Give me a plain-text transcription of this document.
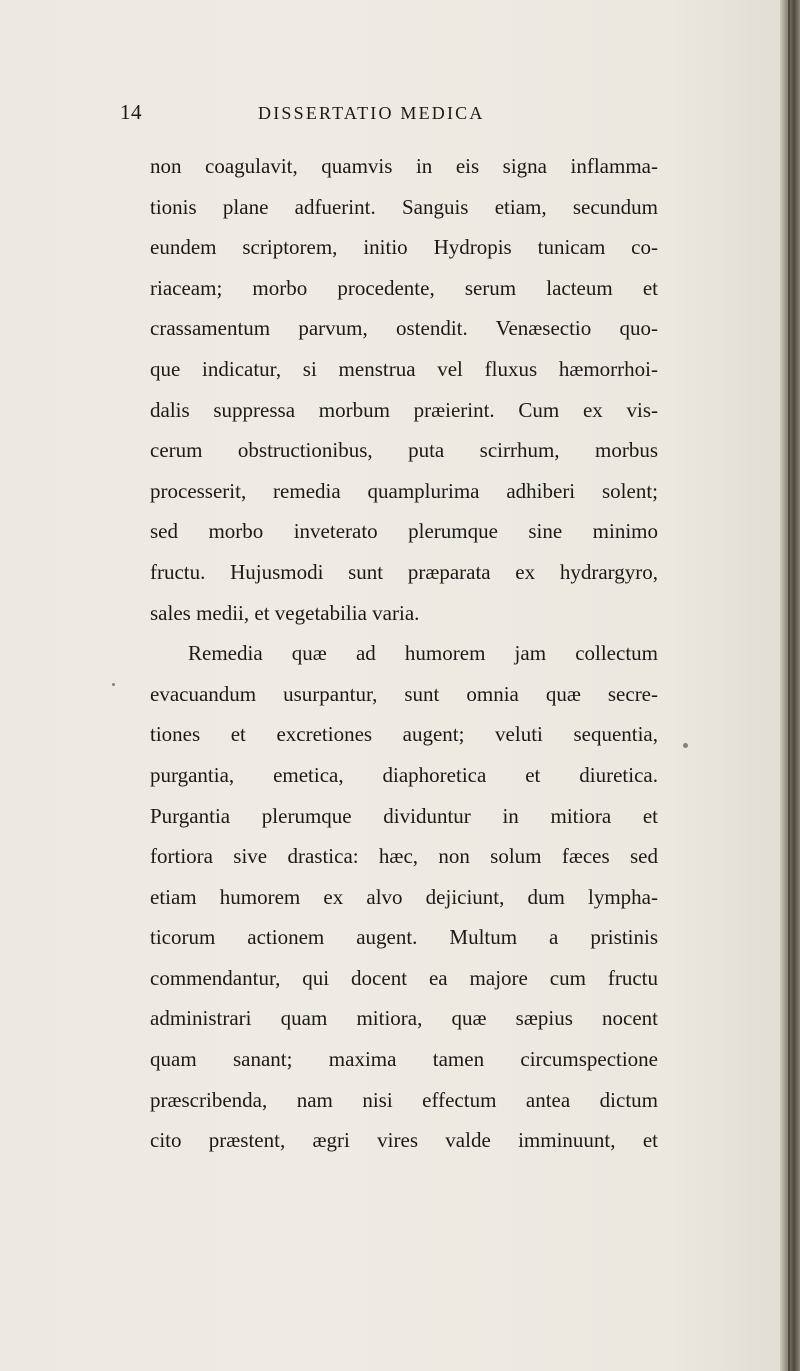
14	DISSERTATIO MEDICA
non coagulavit, quamvis in eis signa inflamma-
tionis plane adfuerint. Sanguis etiam, secundum
eundem scriptorem, initio Hydropis tunicam co-
riaceam; morbo procedente, serum lacteum et
crassamentum parvum, ostendit. Venæsectio quo-
que indicatur, si menstrua vel fluxus hæmorrhoi-
dalis suppressa morbum præierint. Cum ex vis-
cerum obstructionibus, puta scirrhum, morbus
processerit, remedia quamplurima adhiberi solent;
sed morbo inveterato plerumque sine minimo
fructu. Hujusmodi sunt præparata ex hydrargyro,
sales medii, et vegetabilia varia.
Remedia quæ ad humorem jam collectum
evacuandum usurpantur, sunt omnia quæ secre-
tiones et excretiones augent; veluti sequentia,
purgantia, emetica, diaphoretica et diuretica.
Purgantia plerumque dividuntur in mitiora et
fortiora sive drastica: hæc, non solum fæces sed
etiam humorem ex alvo dejiciunt, dum lympha-
ticorum actionem augent. Multum a pristinis
commendantur, qui docent ea majore cum fructu
administrari quam mitiora, quæ sæpius nocent
quam sanant; maxima tamen circumspectione
præscribenda, nam nisi effectum antea dictum
cito præstent, ægri vires valde imminuunt, et
